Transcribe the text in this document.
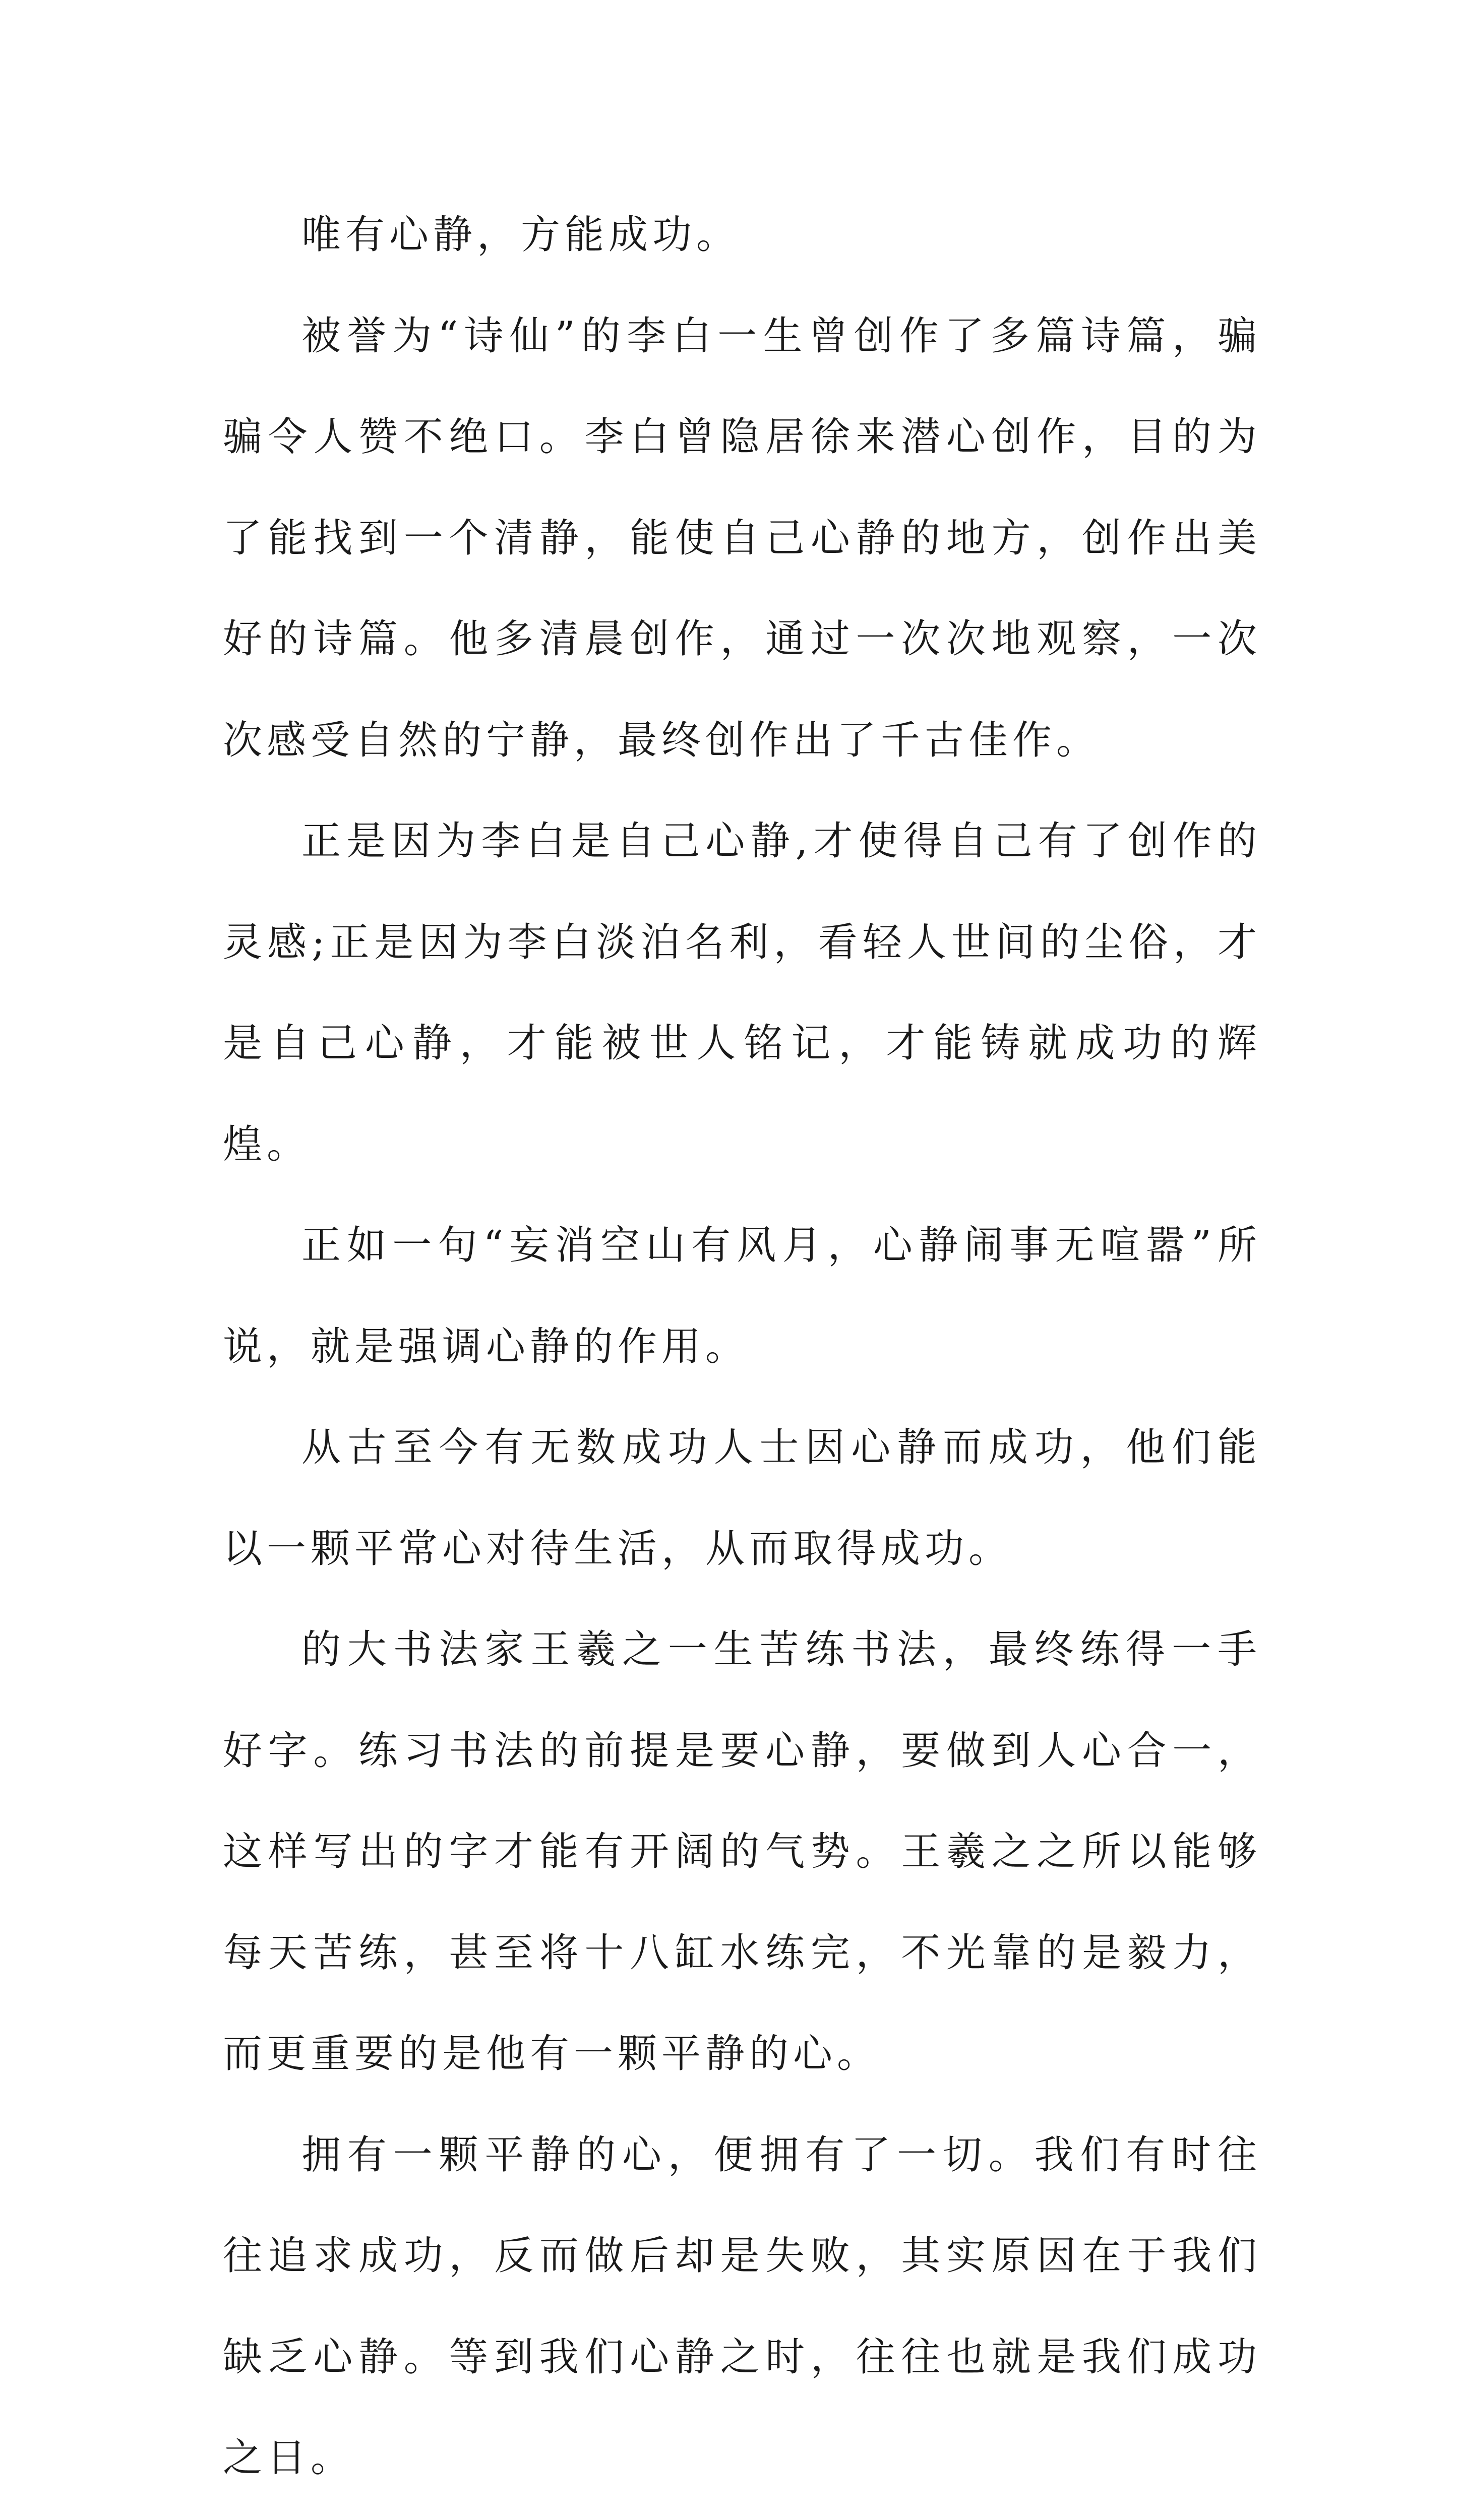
唯有心静，方能成功。

被誉为“诗仙”的李白一生曾创作了多篇诗篇，骗骗令人赞不绝口。李白曾隐居徐来潜心创作，目的为了能找到一个清静，能使自己心静的地方，创作出美好的诗篇。他多清晨创作，通过一次次地观察，一次次感受自然的宁静，最终创作出了千古佳作。

正是因为李白是自己心静,才使得自己有了创作的灵感;正是因为李白淡泊名利，看轻人世间的尘俗，才是自己心静，才能被世人铭记，才能铸就成功的辉煌。

正如一句“妄消空山有风月，心静闹事无喧嚣”所说，就是强调心静的作用。

从古至今有无数成功人士因心静而成功，他们能以一颗平常心对待生活，从而取得成功。

的大书法家王羲之一生苦练书法，最终练得一手好字。练习书法的前提是要心静，要做到人心合一，这样写出的字才能有开阔的气势。王羲之之所以能够每天苦练，甚至将十八缸水练完，不光靠的是毅力，而更重要的是他有一颗平静的心。

拥有一颗平静的心，便拥有了一切。我们有时往往追求成功，反而做后却是失败，其实原因在于我们缺乏心静。等到我们心静之时，往往也就是我们成功之日。
